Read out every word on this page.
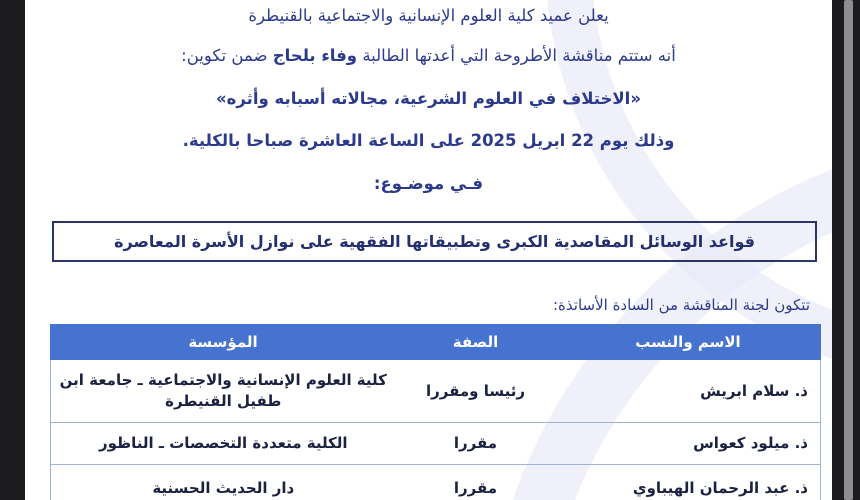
يعلن عميد كلية العلوم الإنسانية والاجتماعية بالقنيطرة
أنه ستتم مناقشة الأطروحة التي أعدتها الطالبة وفاء بلحاج ضمن تكوين:
«الاختلاف في العلوم الشرعية، مجالاته أسبابه وأثره»
وذلك يوم 22 ابريل 2025 على الساعة العاشرة صباحا بالكلية.
فـي موضـوع:
قواعد الوسائل المقاصدية الكبرى وتطبيقاتها الفقهية على نوازل الأسرة المعاصرة
تتكون لجنة المناقشة من السادة الأساتذة:
الاسم والنسب	الصفة	المؤسسة
ذ. سلام ابريش	رئيسا ومقررا	كلية العلوم الإنسانية والاجتماعية ـ جامعة ابن طفيل القنيطرة
ذ. ميلود كعواس	مقررا	الكلية متعددة التخصصات ـ الناظور
ذ. عبد الرحمان الهيباوي	مقررا	دار الحديث الحسنية
